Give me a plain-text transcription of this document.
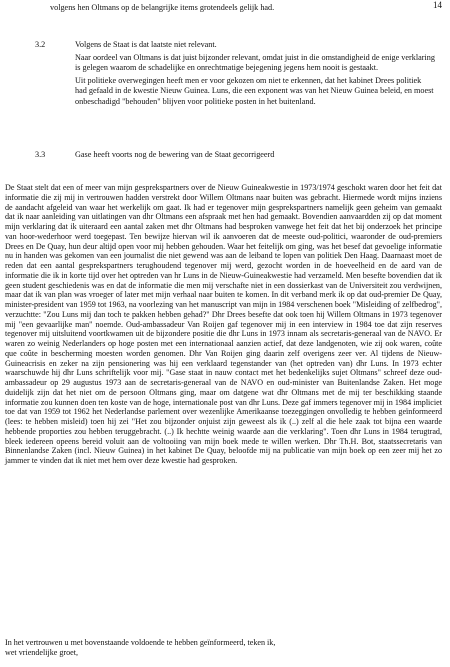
14
volgens hen Oltmans op de belangrijke items grotendeels gelijk had.
3.2	Volgens de Staat is dat laatste niet relevant.
Naar oordeel van Oltmans is dat juist bijzonder relevant, omdat juist in die omstandigheid de enige verklaring is gelegen waarom de schadelijke en onrechtmatige bejegening jegens hem nooit is gestaakt.
Uit politieke overwegingen heeft men er voor gekozen om niet te erkennen, dat het kabinet Drees politiek had gefaald in de kwestie Nieuw Guinea. Luns, die een exponent was van het Nieuw Guinea beleid, en moest onbeschadigd "behouden" blijven voor politieke posten in het buitenland.
3.3	Gase heeft voorts nog de bewering van de Staat gecorrigeerd
De Staat stelt dat een of meer van mijn gesprekspartners over de Nieuw Guineakwestie in 1973/1974 geschokt waren door het feit dat informatie die zij mij in vertrouwen hadden verstrekt door Willem Oltmans naar buiten was gebracht. Hiermede wordt mijns inziens de aandacht afgeleid van waar het werkelijk om gaat. Ik had er tegenover mijn gesprekspartners namelijk geen geheim van gemaakt dat ik naar aanleiding van uitlatingen van dhr Oltmans een afspraak met hen had gemaakt. Bovendien aanvaardden zij op dat moment mijn verklaring dat ik uiteraard een aantal zaken met dhr Oltmans had besproken vanwege het feit dat het bij onderzoek het principe van hoor-wederhoor werd toegepast. Ten bewijze hiervan wil ik aanvoeren dat de meeste oud-politici, waaronder de oud-premiers Drees en De Quay, hun deur altijd open voor mij hebben gehouden. Waar het feitelijk om ging, was het besef dat gevoelige informatie nu in handen was gekomen van een journalist die niet gewend was aan de leiband te lopen van politiek Den Haag. Daarnaast moet de reden dat een aantal gesprekspartners terughoudend tegenover mij werd, gezocht worden in de hoeveelheid en de aard van de informatie die ik in korte tijd over het optreden van hr Luns in de Nieuw-Guineakwestie had verzameld. Men besefte bovendien dat ik geen student geschiedenis was en dat de informatie die men mij verschafte niet in een dossierkast van de Universiteit zou verdwijnen, maar dat ik van plan was vroeger of later met mijn verhaal naar buiten te komen. In dit verband merk ik op dat oud-premier De Quay, minister-president van 1959 tot 1963, na voorlezing van het manuscript van mijn in 1984 verschenen boek "Misleiding of zelfbedrog", verzuchtte: "Zou Luns mij dan toch te pakken hebben gehad?" Dhr Drees besefte dat ook toen hij Willem Oltmans in 1973 tegenover mij "een gevaarlijke man" noemde. Oud-ambassadeur Van Roijen gaf tegenover mij in een interview in 1984 toe dat zijn reserves tegenover mij uitsluitend voortkwamen uit de bijzondere positie die dhr Luns in 1973 innam als secretaris-generaal van de NAVO. Er waren zo weinig Nederlanders op hoge posten met een internationaal aanzien actief, dat deze landgenoten, wie zij ook waren, coûte que coûte in bescherming moesten worden genomen. Dhr Van Roijen ging daarin zelf overigens zeer ver. Al tijdens de Nieuw-Guineacrisis en zeker na zijn pensionering was hij een verklaard tegenstander van (het optreden van) dhr Luns. In 1973 echter waarschuwde hij dhr Luns schriftelijk voor mij. "Gase staat in nauw contact met het bedenkelijks sujet Oltmans" schreef deze oud-ambassadeur op 29 augustus 1973 aan de secretaris-generaal van de NAVO en oud-minister van Buitenlandse Zaken. Het moge duidelijk zijn dat het niet om de persoon Oltmans ging, maar om datgene wat dhr Oltmans met de mij ter beschikking staande informatie zou kunnen doen ten koste van de hoge, internationale post van dhr Luns. Deze gaf immers tegenover mij in 1984 impliciet toe dat van 1959 tot 1962 het Nederlandse parlement over wezenlijke Amerikaanse toezeggingen onvolledig te hebben geïnformeerd (lees: te hebben misleid) toen hij zei "Het zou bijzonder onjuist zijn geweest als ik (..) zelf al die hele zaak tot bijna een waarde hebbende proporties zou hebben teruggebracht. (..) Ik hechtte weinig waarde aan die verklaring". Toen dhr Luns in 1984 terugtrad, bleek iedereen opeens bereid voluit aan de voltooiing van mijn boek mede te willen werken. Dhr Th.H. Bot, staatssecretaris van Binnenlandse Zaken (incl. Nieuw Guinea) in het kabinet De Quay, beloofde mij na publicatie van mijn boek op een zeer mij het zo jammer te vinden dat ik niet met hem over deze kwestie had gesproken.
In het vertrouwen u met bovenstaande voldoende te hebben geïnformeerd, teken ik,
wet vriendelijke groet,
